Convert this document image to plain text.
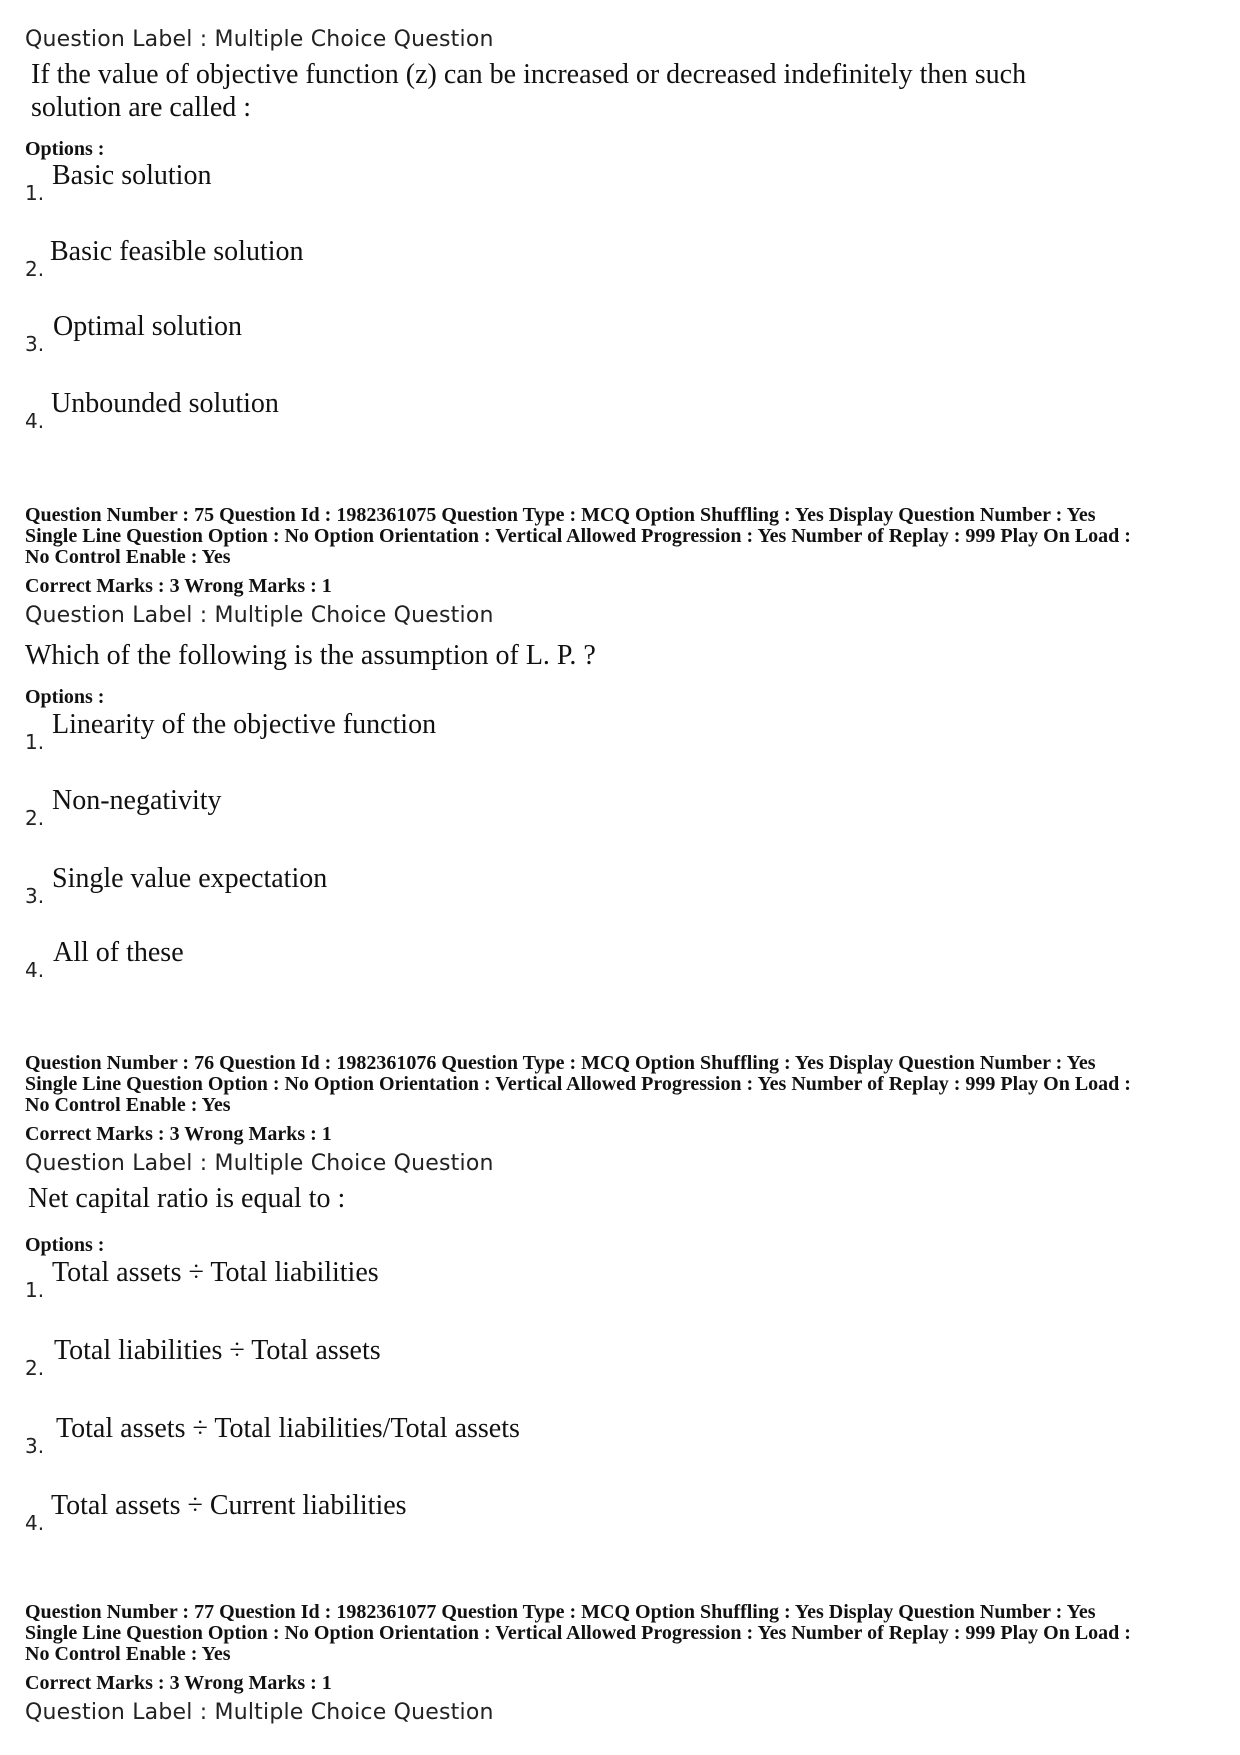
Question Label : Multiple Choice Question
If the value of objective function (z) can be increased or decreased indefinitely then such
solution are called :
Options :
1.
Basic solution
2.
Basic feasible solution
3.
Optimal solution
4.
Unbounded solution
Question Number : 75 Question Id : 1982361075 Question Type : MCQ Option Shuffling : Yes Display Question Number : Yes
Single Line Question Option : No Option Orientation : Vertical Allowed Progression : Yes Number of Replay : 999 Play On Load :
No Control Enable : Yes
Correct Marks : 3 Wrong Marks : 1
Question Label : Multiple Choice Question
Which of the following is the assumption of L. P. ?
Options :
1.
Linearity of the objective function
2.
Non-negativity
3.
Single value expectation
4.
All of these
Question Number : 76 Question Id : 1982361076 Question Type : MCQ Option Shuffling : Yes Display Question Number : Yes
Single Line Question Option : No Option Orientation : Vertical Allowed Progression : Yes Number of Replay : 999 Play On Load :
No Control Enable : Yes
Correct Marks : 3 Wrong Marks : 1
Question Label : Multiple Choice Question
Net capital ratio is equal to :
Options :
1.
Total assets ÷ Total liabilities
2.
Total liabilities ÷ Total assets
3.
Total assets ÷ Total liabilities/Total assets
4.
Total assets ÷ Current liabilities
Question Number : 77 Question Id : 1982361077 Question Type : MCQ Option Shuffling : Yes Display Question Number : Yes
Single Line Question Option : No Option Orientation : Vertical Allowed Progression : Yes Number of Replay : 999 Play On Load :
No Control Enable : Yes
Correct Marks : 3 Wrong Marks : 1
Question Label : Multiple Choice Question
